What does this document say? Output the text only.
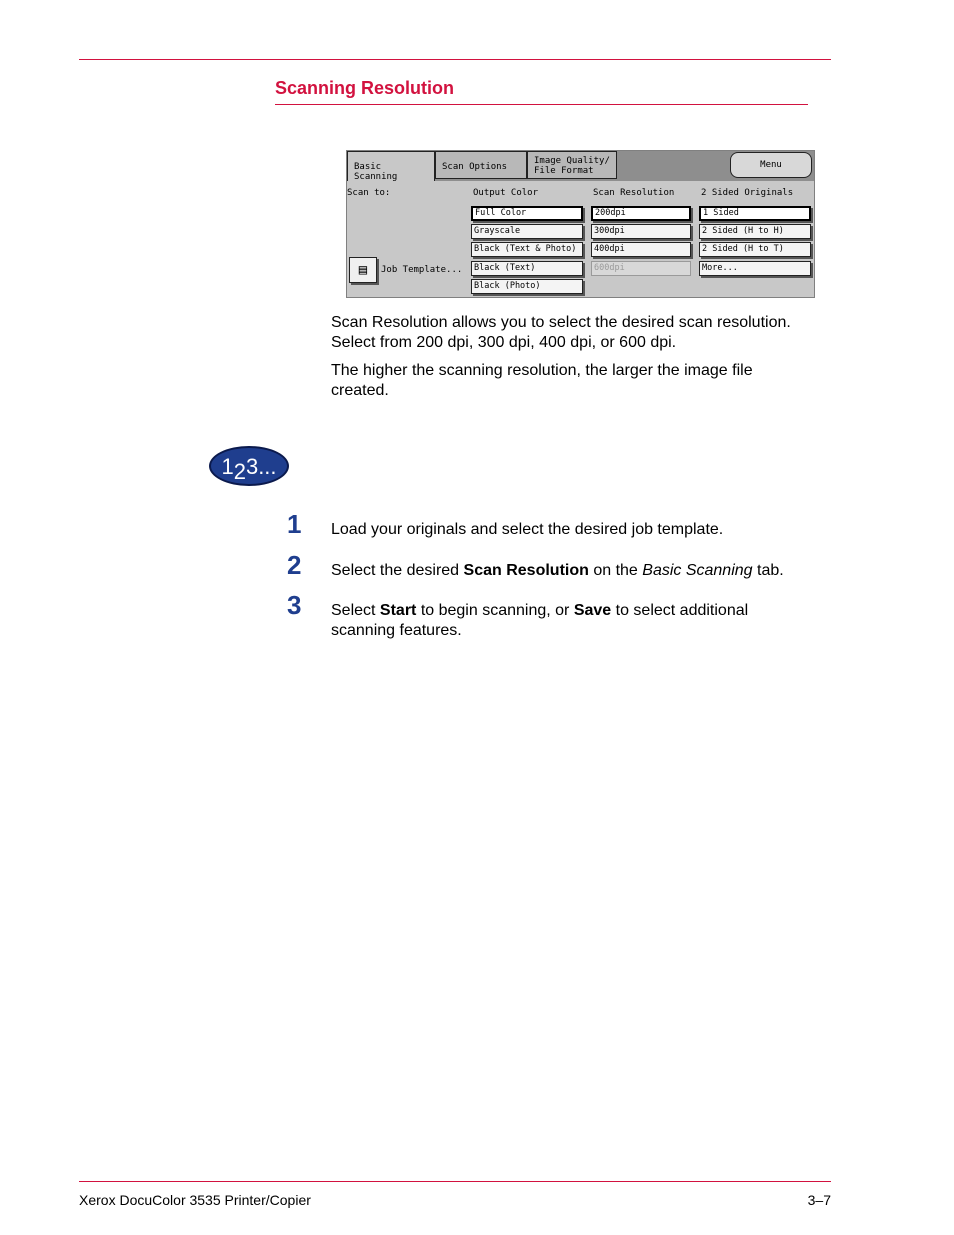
Scanning Resolution
Basic Scanning
Scan Options
Image Quality/
File Format
Menu
Scan to:	Output Color	Scan Resolution	2 Sided Originals
Full Color
Grayscale
Black (Text & Photo)
Black (Text)
Black (Photo)
200dpi
300dpi
400dpi
600dpi
1 Sided
2 Sided (H to H)
2 Sided (H to T)
More...
▤	Job Template...
Scan Resolution allows you to select the desired scan resolution.
Select from 200 dpi, 300 dpi, 400 dpi, or 600 dpi.
The higher the scanning resolution, the larger the image file
created.
123...
1 Load your originals and select the desired job template.
2 Select the desired Scan Resolution on the Basic Scanning tab.
3 Select Start to begin scanning, or Save to select additional
scanning features.
Xerox DocuColor 3535 Printer/Copier	3–7
